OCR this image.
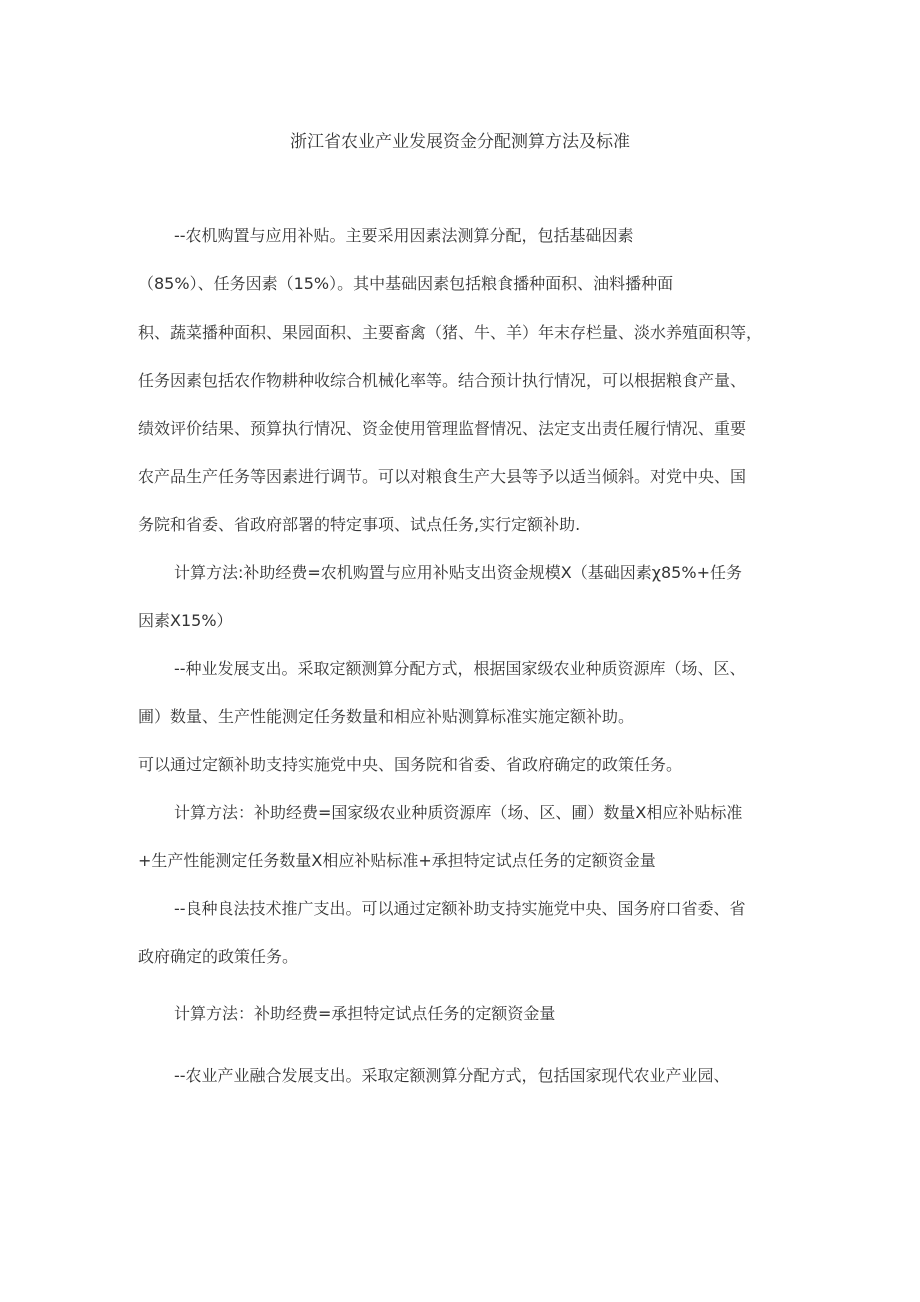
浙江省农业产业发展资金分配测算方法及标准
--农机购置与应用补贴。主要采用因素法测算分配，包括基础因素
（85%）、任务因素（15%）。其中基础因素包括粮食播种面积、油料播种面
积、蔬菜播种面积、果园面积、主要畜禽（猪、牛、羊）年末存栏量、淡水养殖面积等，
任务因素包括农作物耕种收综合机械化率等。结合预计执行情况，可以根据粮食产量、
绩效评价结果、预算执行情况、资金使用管理监督情况、法定支出责任履行情况、重要
农产品生产任务等因素进行调节。可以对粮食生产大县等予以适当倾斜。对党中央、国
务院和省委、省政府部署的特定事项、试点任务,实行定额补助.
计算方法:补助经费=农机购置与应用补贴支出资金规模X（基础因素χ85%+任务
因素X15%）
--种业发展支出。采取定额测算分配方式，根据国家级农业种质资源库（场、区、
圃）数量、生产性能测定任务数量和相应补贴测算标准实施定额补助。
可以通过定额补助支持实施党中央、国务院和省委、省政府确定的政策任务。
计算方法：补助经费=国家级农业种质资源库（场、区、圃）数量X相应补贴标准
+生产性能测定任务数量X相应补贴标准+承担特定试点任务的定额资金量
--良种良法技术推广支出。可以通过定额补助支持实施党中央、国务府口省委、省
政府确定的政策任务。
计算方法：补助经费=承担特定试点任务的定额资金量
--农业产业融合发展支出。采取定额测算分配方式，包括国家现代农业产业园、
